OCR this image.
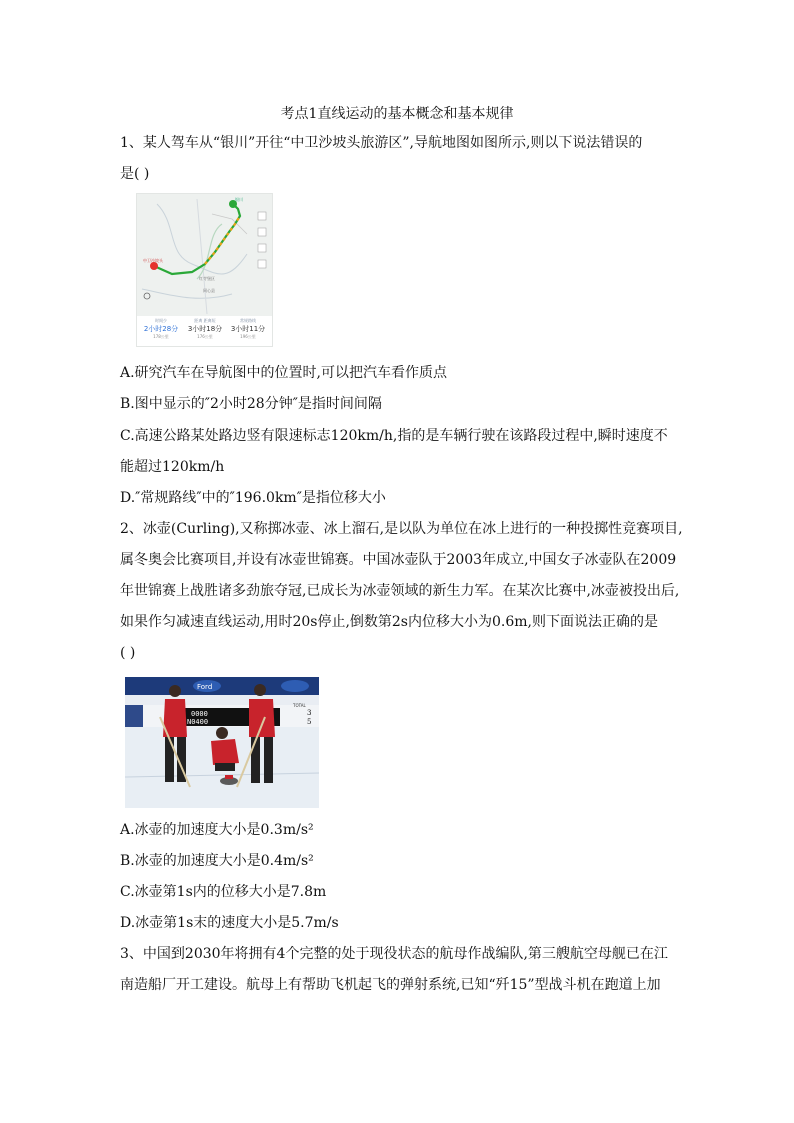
考点1直线运动的基本概念和基本规律
1、某人驾车从“银川”开往“中卫沙坡头旅游区”,导航地图如图所示,则以下说法错误的
是( )
红寺堡区
同心县
中卫沙坡头
银川
时间少
2小时28分
178公里
距离 距离短
3小时18分
176公里
常规路线
3小时11分
196公里
A.研究汽车在导航图中的位置时,可以把汽车看作质点
B.图中显示的″2小时28分钟″是指时间间隔
C.高速公路某处路边竖有限速标志120km/h,指的是车辆行驶在该路段过程中,瞬时速度不
能超过120km/h
D.″常规路线″中的″196.0km″是指位移大小
2、冰壶(Curling),又称掷冰壶、冰上溜石,是以队为单位在冰上进行的一种投掷性竞赛项目,
属冬奥会比赛项目,并设有冰壶世锦赛。中国冰壶队于2003年成立,中国女子冰壶队在2009
年世锦赛上战胜诸多劲旅夺冠,已成长为冰壶领域的新生力军。在某次比赛中,冰壶被投出后,
如果作匀减速直线运动,用时20s停止,倒数第2s内位移大小为0.6m,则下面说法正确的是
( )
Ford
0000
N0400
TOTAL
3
5
A.冰壶的加速度大小是0.3m/s²
B.冰壶的加速度大小是0.4m/s²
C.冰壶第1s内的位移大小是7.8m
D.冰壶第1s末的速度大小是5.7m/s
3、中国到2030年将拥有4个完整的处于现役状态的航母作战编队,第三艘航空母舰已在江
南造船厂开工建设。航母上有帮助飞机起飞的弹射系统,已知“歼15”型战斗机在跑道上加
